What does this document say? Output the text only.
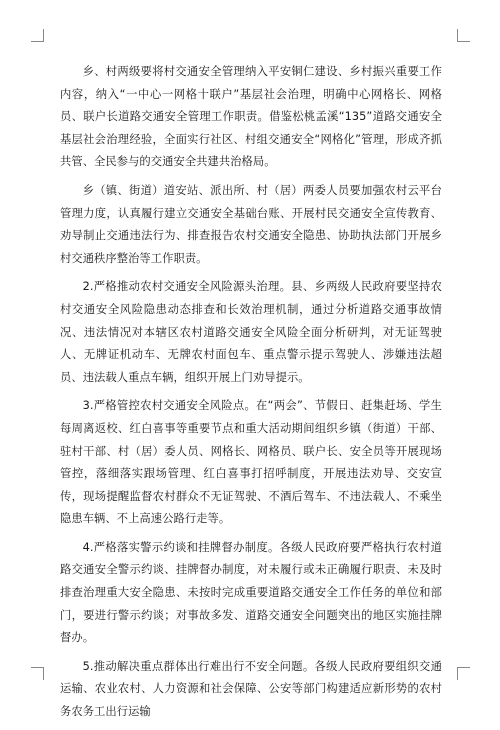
乡、村两级要将村交通安全管理纳入平安铜仁建设、乡村振兴重要工作内容，纳入“一中心一网格十联户”基层社会治理，明确中心网格长、网格员、联户长道路交通安全管理工作职责。借鉴松桃孟溪“135”道路交通安全基层社会治理经验，全面实行社区、村组交通安全“网格化”管理，形成齐抓共管、全民参与的交通安全共建共治格局。

乡（镇、街道）道安站、派出所、村（居）两委人员要加强农村云平台管理力度，认真履行建立交通安全基础台账、开展村民交通安全宣传教育、劝导制止交通违法行为、排查报告农村交通安全隐患、协助执法部门开展乡村交通秩序整治等工作职责。

2.严格推动农村交通安全风险源头治理。县、乡两级人民政府要坚持农村交通安全风险隐患动态排查和长效治理机制，通过分析道路交通事故情况、违法情况对本辖区农村道路交通安全风险全面分析研判，对无证驾驶人、无牌证机动车、无牌农村面包车、重点警示提示驾驶人、涉嫌违法超员、违法载人重点车辆，组织开展上门劝导提示。

3.严格管控农村交通安全风险点。在“两会”、节假日、赶集赶场、学生每周离返校、红白喜事等重要节点和重大活动期间组织乡镇（街道）干部、驻村干部、村（居）委人员、网格长、网格员、联户长、安全员等开展现场管控，落细落实跟场管理、红白喜事打招呼制度，开展违法劝导、交安宣传，现场提醒监督农村群众不无证驾驶、不酒后驾车、不违法载人、不乘坐隐患车辆、不上高速公路行走等。

4.严格落实警示约谈和挂牌督办制度。各级人民政府要严格执行农村道路交通安全警示约谈、挂牌督办制度，对未履行或未正确履行职责、未及时排查治理重大安全隐患、未按时完成重要道路交通安全工作任务的单位和部门，要进行警示约谈；对事故多发、道路交通安全问题突出的地区实施挂牌督办。

5.推动解决重点群体出行难出行不安全问题。各级人民政府要组织交通运输、农业农村、人力资源和社会保障、公安等部门构建适应新形势的农村务农务工出行运输
